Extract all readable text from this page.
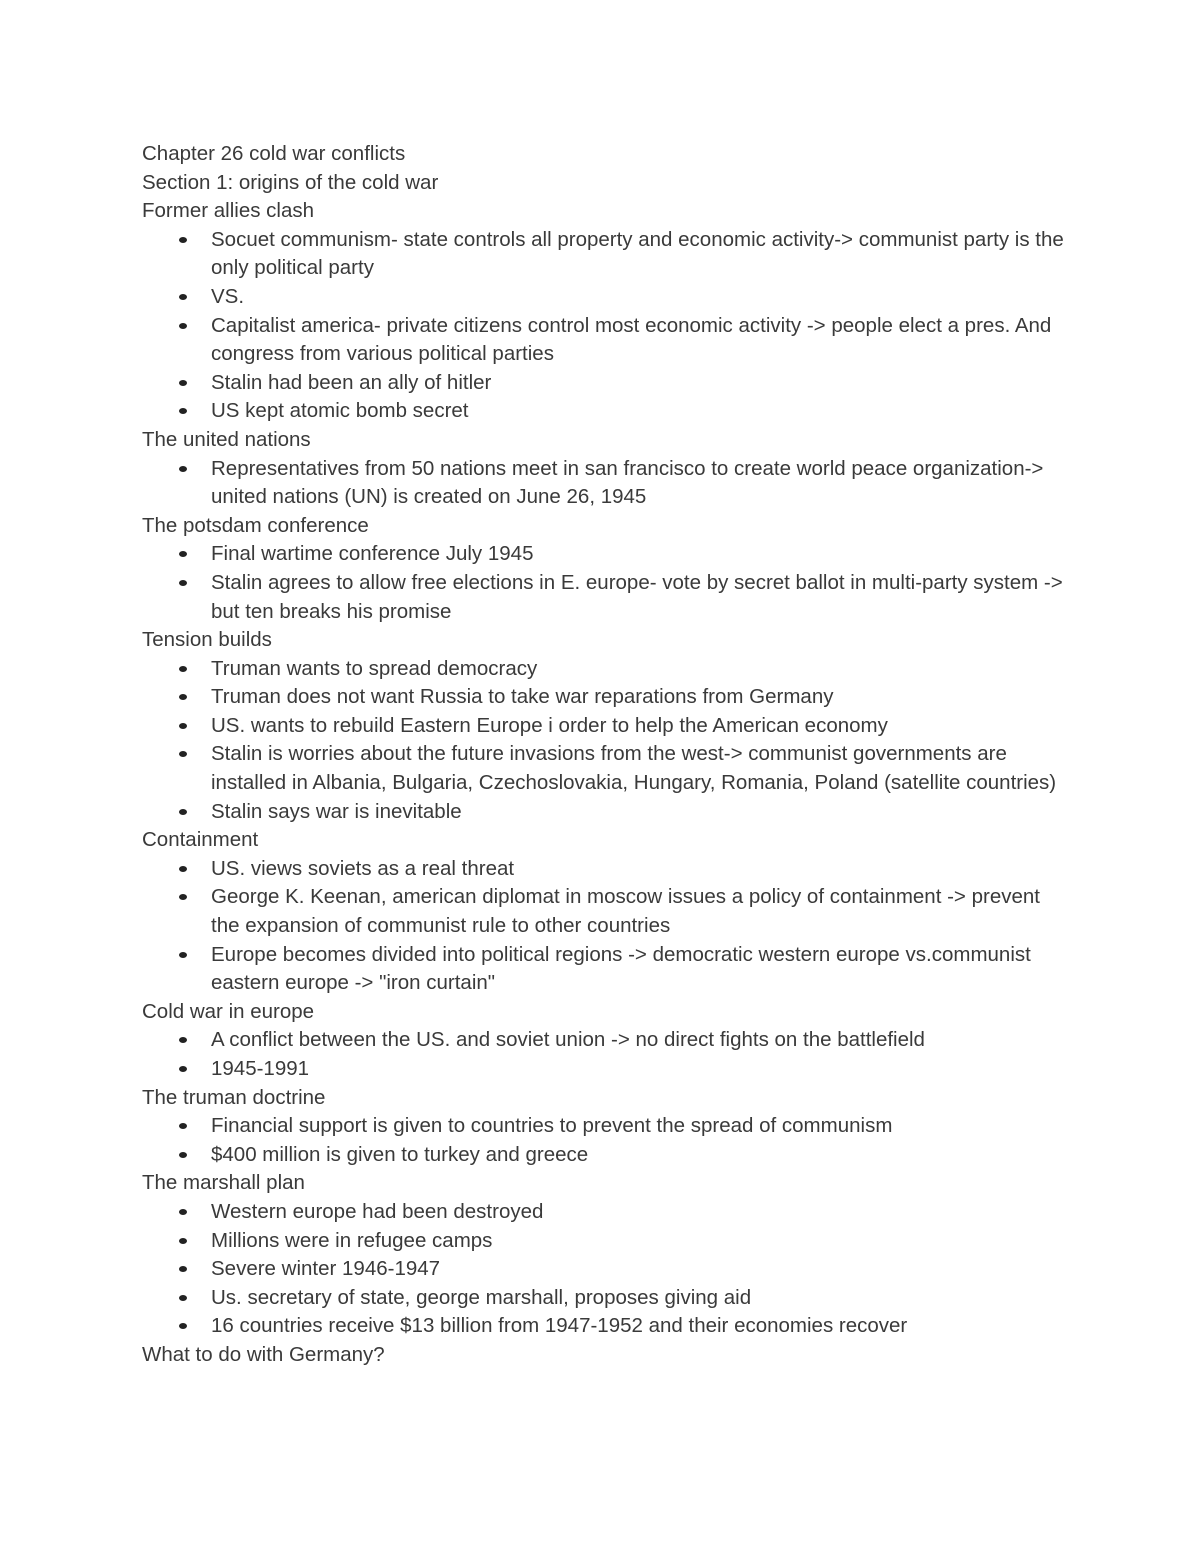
Chapter 26 cold war conflicts

Section 1: origins of the cold war

Former allies clash

Socuet communism- state controls all property and economic activity-> communist party is the only political party
VS.
Capitalist america- private citizens control most economic activity -> people elect a pres. And congress from various political parties
Stalin had been an ally of hitler
US kept atomic bomb secret

The united nations

Representatives from 50 nations meet in san francisco to create world peace organization-> united nations (UN) is created on June 26, 1945

The potsdam conference

Final wartime conference July 1945
Stalin agrees to allow free elections in E. europe- vote by secret ballot in multi-party system -> but ten breaks his promise

Tension builds

Truman wants to spread democracy
Truman does not want Russia to take war reparations from Germany
US. wants to rebuild Eastern Europe i order to help the American economy
Stalin is worries about the future invasions from the west-> communist governments are installed in Albania, Bulgaria, Czechoslovakia, Hungary, Romania, Poland (satellite countries)
Stalin says war is inevitable

Containment

US. views soviets as a real threat
George K. Keenan, american diplomat in moscow issues a policy of containment -> prevent the expansion of communist rule to other countries
Europe becomes divided into political regions -> democratic western europe vs.communist eastern europe -> "iron curtain"

Cold war in europe

A conflict between the US. and soviet union -> no direct fights on the battlefield
1945-1991

The truman doctrine

Financial support is given to countries to prevent the spread of communism
$400 million is given to turkey and greece

The marshall plan

Western europe had been destroyed
Millions were in refugee camps
Severe winter 1946-1947
Us. secretary of state, george marshall, proposes giving aid
16 countries receive $13 billion from 1947-1952 and their economies recover

What to do with Germany?
